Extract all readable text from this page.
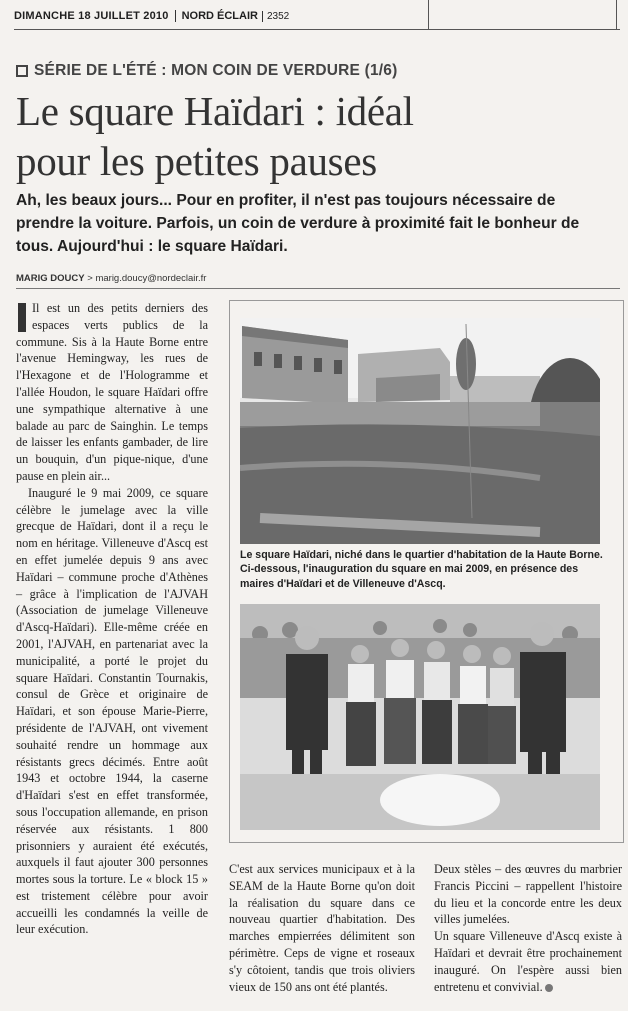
DIMANCHE 18 JUILLET 2010	NORD ÉCLAIR 2352
SÉRIE DE L'ÉTÉ : MON COIN DE VERDURE (1/6)
Le square Haïdari : idéal
pour les petites pauses
Ah, les beaux jours... Pour en profiter, il n'est pas toujours nécessaire de prendre la voiture. Parfois, un coin de verdure à proximité fait le bonheur de tous. Aujourd'hui : le square Haïdari.
MARIG DOUCY > marig.doucy@nordeclair.fr

Il est un des petits derniers des espaces verts publics de la commune. Sis à la Haute Borne entre l'avenue Hemingway, les rues de l'Hexagone et de l'Hologramme et l'allée Houdon, le square Haïdari offre une sympathique alternative à une balade au parc de Sainghin. Le temps de laisser les enfants gambader, de lire un bouquin, d'un pique-nique, d'une pause en plein air...

Inauguré le 9 mai 2009, ce square célèbre le jumelage avec la ville grecque de Haïdari, dont il a reçu le nom en héritage. Villeneuve d'Ascq est en effet jumelée depuis 9 ans avec Haïdari – commune proche d'Athènes – grâce à l'implication de l'AJVAH (Association de jumelage Villeneuve d'Ascq-Haïdari). Elle-même créée en 2001, l'AJVAH, en partenariat avec la municipalité, a porté le projet du square Haïdari. Constantin Tournakis, consul de Grèce et originaire de Haïdari, et son épouse Marie-Pierre, présidente de l'AJVAH, ont vivement souhaité rendre un hommage aux résistants grecs décimés. Entre août 1943 et octobre 1944, la caserne d'Haïdari s'est en effet transformée, sous l'occupation allemande, en prison réservée aux résistants. 1 800 prisonniers y auraient été exécutés, auxquels il faut ajouter 300 personnes mortes sous la torture. Le « block 15 » est tristement célèbre pour avoir accueilli les condamnés la veille de leur exécution.

Le square Haïdari, niché dans le quartier d'habitation de la Haute Borne. Ci-dessous, l'inauguration du square en mai 2009, en présence des maires d'Haïdari et de Villeneuve d'Ascq.

C'est aux services municipaux et à la SEAM de la Haute Borne qu'on doit la réalisation du square dans ce nouveau quartier d'habitation. Des marches empierrées délimitent son périmètre. Ceps de vigne et roseaux s'y côtoient, tandis que trois oliviers vieux de 150 ans ont été plantés.

Deux stèles – des œuvres du marbrier Francis Piccini – rappellent l'histoire du lieu et la concorde entre les deux villes jumelées.

Un square Villeneuve d'Ascq existe à Haïdari et devrait être prochainement inauguré. On l'espère aussi bien entretenu et convivial.
